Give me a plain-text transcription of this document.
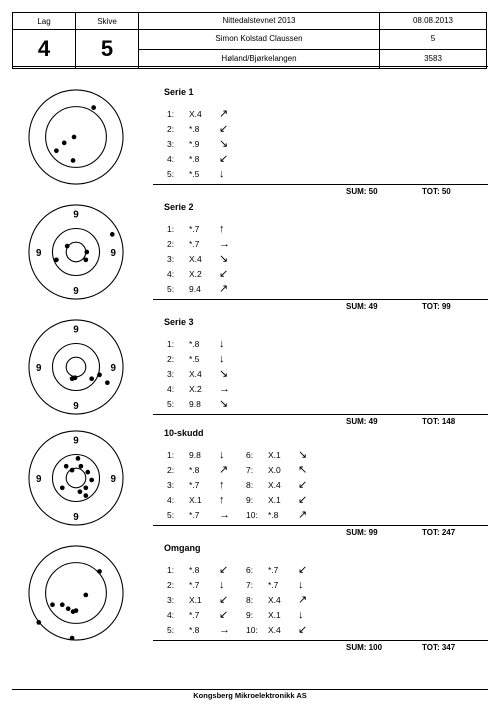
Lag	Skive	Nittedalstevnet 2013	08.08.2013
4	5	Simon Kolstad Claussen	5
		Høland/Bjørkelangen	3583
Serie 1
1: X.4 ↗
2: *.8 ↙
3: *.9 ↘
4: *.8 ↙
5: *.5 ↓
SUM: 50	TOT: 50
9
9	9
9
Serie 2
1: *.7 ↑
2: *.7 →
3: X.4 ↘
4: X.2 ↙
5: 9.4 ↗
SUM: 49	TOT: 99
9
9	9
9
Serie 3
1: *.8 ↓
2: *.5 ↓
3: X.4 ↘
4: X.2 →
5: 9.8 ↘
SUM: 49	TOT: 148
9
9	9
9
10-skudd
1: 9.8 ↓
2: *.8 ↗
3: *.7 ↑
4: X.1 ↑
5: *.7 →
6: X.1 ↘
7: X.0 ↖
8: X.4 ↙
9: X.1 ↙
10: *.8 ↗
SUM: 99	TOT: 247
Omgang
1: *.8 ↙
2: *.7 ↓
3: X.1 ↙
4: *.7 ↙
5: *.8 →
6: *.7 ↙
7: *.7 ↓
8: X.4 ↗
9: X.1 ↓
10: X.4 ↙
SUM: 100	TOT: 347
Kongsberg Mikroelektronikk AS
